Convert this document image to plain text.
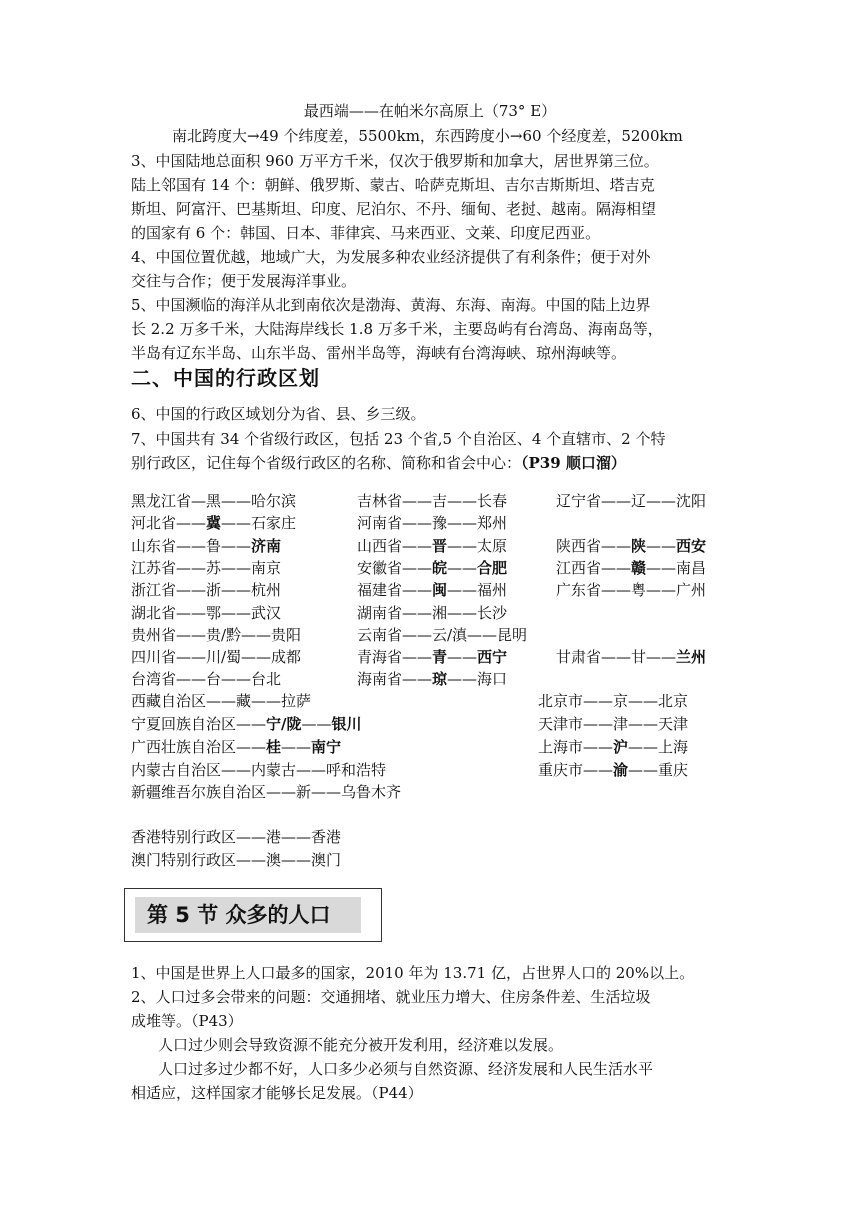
最西端——在帕米尔高原上（73° E）
南北跨度大→49 个纬度差，5500km，东西跨度小→60 个经度差，5200km
3、中国陆地总面积 960 万平方千米，仅次于俄罗斯和加拿大，居世界第三位。
陆上邻国有 14 个：朝鲜、俄罗斯、蒙古、哈萨克斯坦、吉尔吉斯斯坦、塔吉克
斯坦、阿富汗、巴基斯坦、印度、尼泊尔、不丹、缅甸、老挝、越南。隔海相望
的国家有 6 个：韩国、日本、菲律宾、马来西亚、文莱、印度尼西亚。
4、中国位置优越，地域广大，为发展多种农业经济提供了有利条件；便于对外
交往与合作；便于发展海洋事业。
5、中国濒临的海洋从北到南依次是渤海、黄海、东海、南海。中国的陆上边界
长 2.2 万多千米，大陆海岸线长 1.8 万多千米，主要岛屿有台湾岛、海南岛等，
半岛有辽东半岛、山东半岛、雷州半岛等，海峡有台湾海峡、琼州海峡等。
二、中国的行政区划
6、中国的行政区域划分为省、县、乡三级。
7、中国共有 34 个省级行政区，包括 23 个省,5 个自治区、4 个直辖市、2 个特
别行政区，记住每个省级行政区的名称、简称和省会中心：（P39 顺口溜）
黑龙江省—黑——哈尔滨	吉林省——吉——长春	辽宁省——辽——沈阳
河北省——冀——石家庄	河南省——豫——郑州
山东省——鲁——济南	山西省——晋——太原	陕西省——陕——西安
江苏省——苏——南京	安徽省——皖——合肥	江西省——赣——南昌
浙江省——浙——杭州	福建省——闽——福州	广东省——粤——广州
湖北省——鄂——武汉	湖南省——湘——长沙
贵州省——贵/黔——贵阳	云南省——云/滇——昆明
四川省——川/蜀——成都	青海省——青——西宁	甘肃省——甘——兰州
台湾省——台——台北	海南省——琼——海口
西藏自治区——藏——拉萨	北京市——京——北京
宁夏回族自治区——宁/陇——银川	天津市——津——天津
广西壮族自治区——桂——南宁	上海市——沪——上海
内蒙古自治区——内蒙古——呼和浩特	重庆市——渝——重庆
新疆维吾尔族自治区——新——乌鲁木齐
香港特别行政区——港——香港
澳门特别行政区——澳——澳门
第 5 节 众多的人口
1、中国是世界上人口最多的国家，2010 年为 13.71 亿，占世界人口的 20%以上。
2、人口过多会带来的问题：交通拥堵、就业压力增大、住房条件差、生活垃圾
成堆等。（P43）
人口过少则会导致资源不能充分被开发利用，经济难以发展。
人口过多过少都不好，人口多少必须与自然资源、经济发展和人民生活水平
相适应，这样国家才能够长足发展。（P44）
